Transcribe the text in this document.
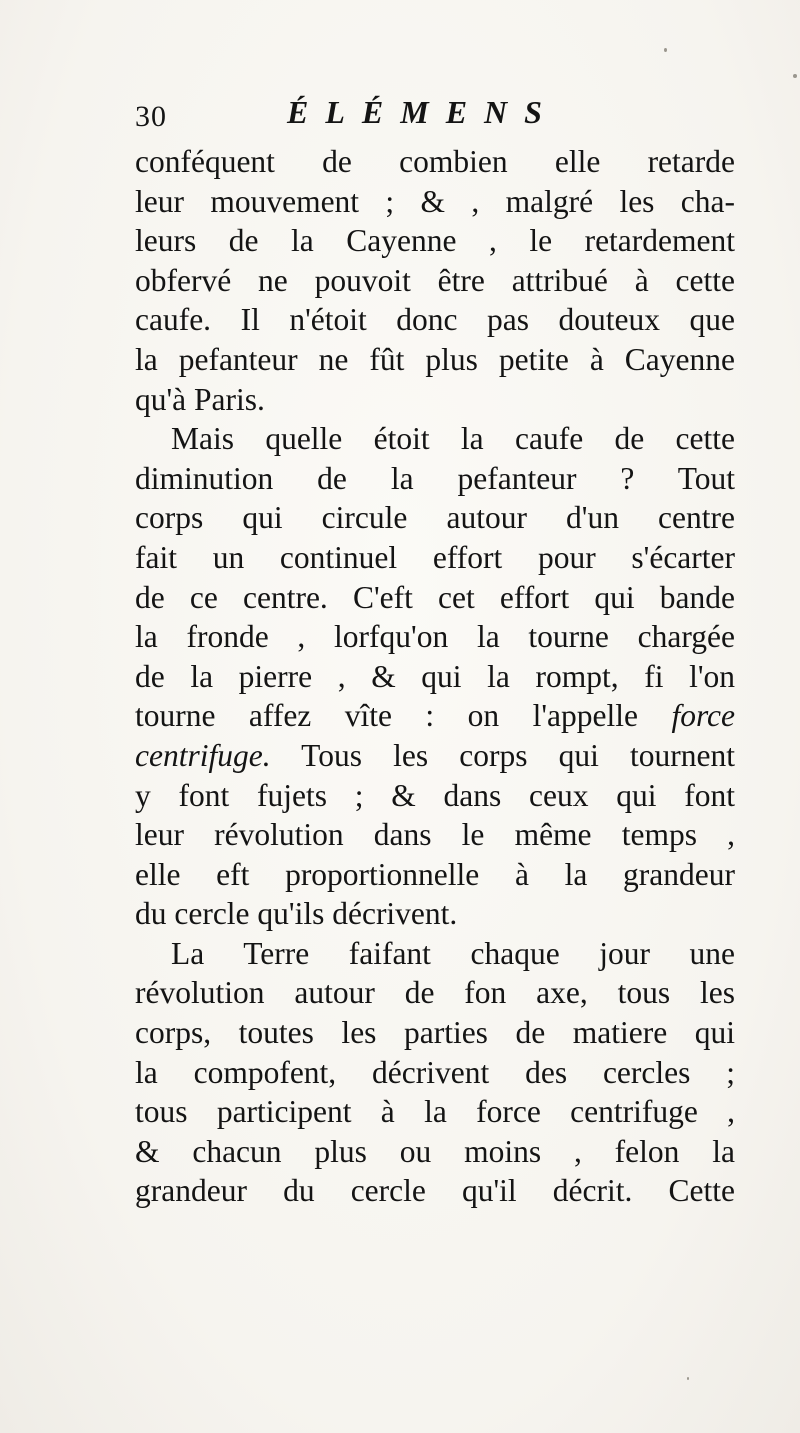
30	ÉLÉMENS
conféquent de combien elle retarde
leur mouvement ; & , malgré les cha-
leurs de la Cayenne , le retardement
obfervé ne pouvoit être attribué à cette
caufe. Il n'étoit donc pas douteux que
la pefanteur ne fût plus petite à Cayenne
qu'à Paris.
Mais quelle étoit la caufe de cette
diminution de la pefanteur ? Tout
corps qui circule autour d'un centre
fait un continuel effort pour s'écarter
de ce centre. C'eft cet effort qui bande
la fronde , lorfqu'on la tourne chargée
de la pierre , & qui la rompt, fi l'on
tourne affez vîte : on l'appelle force
centrifuge. Tous les corps qui tournent
y font fujets ; & dans ceux qui font
leur révolution dans le même temps ,
elle eft proportionnelle à la grandeur
du cercle qu'ils décrivent.
La Terre faifant chaque jour une
révolution autour de fon axe, tous les
corps, toutes les parties de matiere qui
la compofent, décrivent des cercles ;
tous participent à la force centrifuge ,
& chacun plus ou moins , felon la
grandeur du cercle qu'il décrit. Cette
